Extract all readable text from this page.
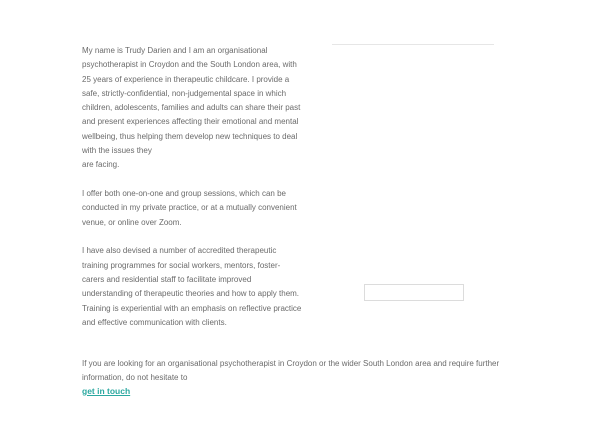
My name is Trudy Darien and I am an organisational
psychotherapist in Croydon and the South London area, with
25 years of experience in therapeutic childcare. I provide a
safe, strictly-confidential, non-judgemental space in which
children, adolescents, families and adults can share their past
and present experiences affecting their emotional and mental
wellbeing, thus helping them develop new techniques to deal
with the issues they
are facing.

I offer both one-on-one and group sessions, which can be
conducted in my private practice, or at a mutually convenient
venue, or online over Zoom.

I have also devised a number of accredited therapeutic
training programmes for social workers, mentors, foster-
carers and residential staff to facilitate improved
understanding of therapeutic theories and how to apply them.
Training is experiential with an emphasis on reflective practice
and effective communication with clients.

If you are looking for an organisational psychotherapist in Croydon or the wider South London area and require further
information, do not hesitate to
get in touch
